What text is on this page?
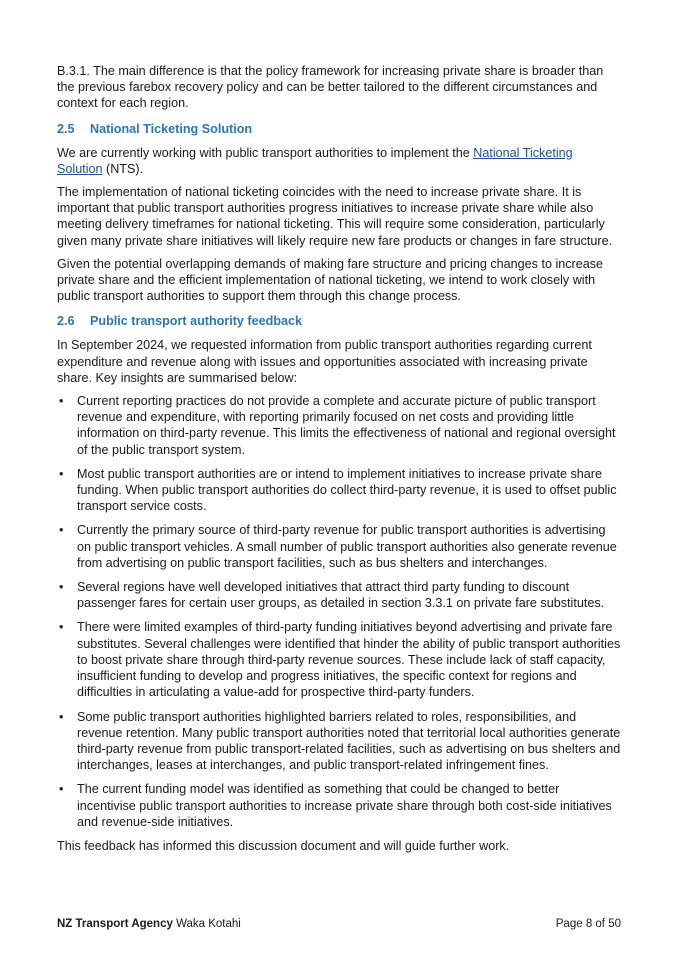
B.3.1. The main difference is that the policy framework for increasing private share is broader than the previous farebox recovery policy and can be better tailored to the different circumstances and context for each region.

2.5 National Ticketing Solution

We are currently working with public transport authorities to implement the National Ticketing Solution (NTS).

The implementation of national ticketing coincides with the need to increase private share. It is important that public transport authorities progress initiatives to increase private share while also meeting delivery timeframes for national ticketing. This will require some consideration, particularly given many private share initiatives will likely require new fare products or changes in fare structure.

Given the potential overlapping demands of making fare structure and pricing changes to increase private share and the efficient implementation of national ticketing, we intend to work closely with public transport authorities to support them through this change process.

2.6 Public transport authority feedback

In September 2024, we requested information from public transport authorities regarding current expenditure and revenue along with issues and opportunities associated with increasing private share. Key insights are summarised below:

• Current reporting practices do not provide a complete and accurate picture of public transport revenue and expenditure, with reporting primarily focused on net costs and providing little information on third-party revenue. This limits the effectiveness of national and regional oversight of the public transport system.
• Most public transport authorities are or intend to implement initiatives to increase private share funding. When public transport authorities do collect third-party revenue, it is used to offset public transport service costs.
• Currently the primary source of third-party revenue for public transport authorities is advertising on public transport vehicles. A small number of public transport authorities also generate revenue from advertising on public transport facilities, such as bus shelters and interchanges.
• Several regions have well developed initiatives that attract third party funding to discount passenger fares for certain user groups, as detailed in section 3.3.1 on private fare substitutes.
• There were limited examples of third-party funding initiatives beyond advertising and private fare substitutes. Several challenges were identified that hinder the ability of public transport authorities to boost private share through third-party revenue sources. These include lack of staff capacity, insufficient funding to develop and progress initiatives, the specific context for regions and difficulties in articulating a value-add for prospective third-party funders.
• Some public transport authorities highlighted barriers related to roles, responsibilities, and revenue retention. Many public transport authorities noted that territorial local authorities generate third-party revenue from public transport-related facilities, such as advertising on bus shelters and interchanges, leases at interchanges, and public transport-related infringement fines.
• The current funding model was identified as something that could be changed to better incentivise public transport authorities to increase private share through both cost-side initiatives and revenue-side initiatives.

This feedback has informed this discussion document and will guide further work.

NZ Transport Agency Waka Kotahi	Page 8 of 50
